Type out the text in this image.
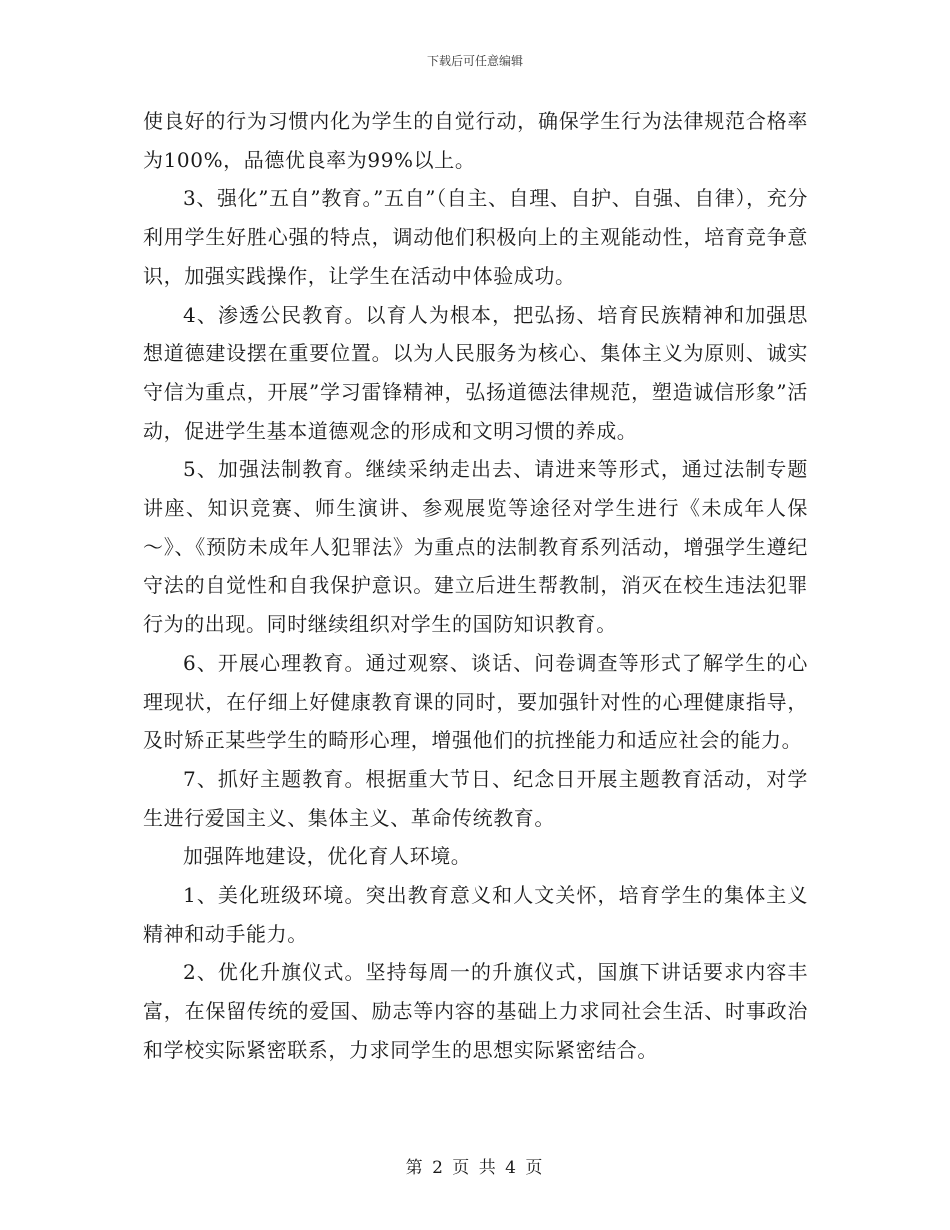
下载后可任意编辑

使良好的行为习惯内化为学生的自觉行动，确保学生行为法律规范合格率为100%，品德优良率为99%以上。

3、强化”五自”教育。”五自”（自主、自理、自护、自强、自律），充分利用学生好胜心强的特点，调动他们积极向上的主观能动性，培育竞争意识，加强实践操作，让学生在活动中体验成功。

4、渗透公民教育。以育人为根本，把弘扬、培育民族精神和加强思想道德建设摆在重要位置。以为人民服务为核心、集体主义为原则、诚实守信为重点，开展”学习雷锋精神，弘扬道德法律规范，塑造诚信形象”活动，促进学生基本道德观念的形成和文明习惯的养成。

5、加强法制教育。继续采纳走出去、请进来等形式，通过法制专题讲座、知识竞赛、师生演讲、参观展览等途径对学生进行《未成年人保～》、《预防未成年人犯罪法》为重点的法制教育系列活动，增强学生遵纪守法的自觉性和自我保护意识。建立后进生帮教制，消灭在校生违法犯罪行为的出现。同时继续组织对学生的国防知识教育。

6、开展心理教育。通过观察、谈话、问卷调查等形式了解学生的心理现状，在仔细上好健康教育课的同时，要加强针对性的心理健康指导，及时矫正某些学生的畸形心理，增强他们的抗挫能力和适应社会的能力。

7、抓好主题教育。根据重大节日、纪念日开展主题教育活动，对学生进行爱国主义、集体主义、革命传统教育。

加强阵地建设，优化育人环境。

1、美化班级环境。突出教育意义和人文关怀，培育学生的集体主义精神和动手能力。

2、优化升旗仪式。坚持每周一的升旗仪式，国旗下讲话要求内容丰富，在保留传统的爱国、励志等内容的基础上力求同社会生活、时事政治和学校实际紧密联系，力求同学生的思想实际紧密结合。

第 2 页 共 4 页
